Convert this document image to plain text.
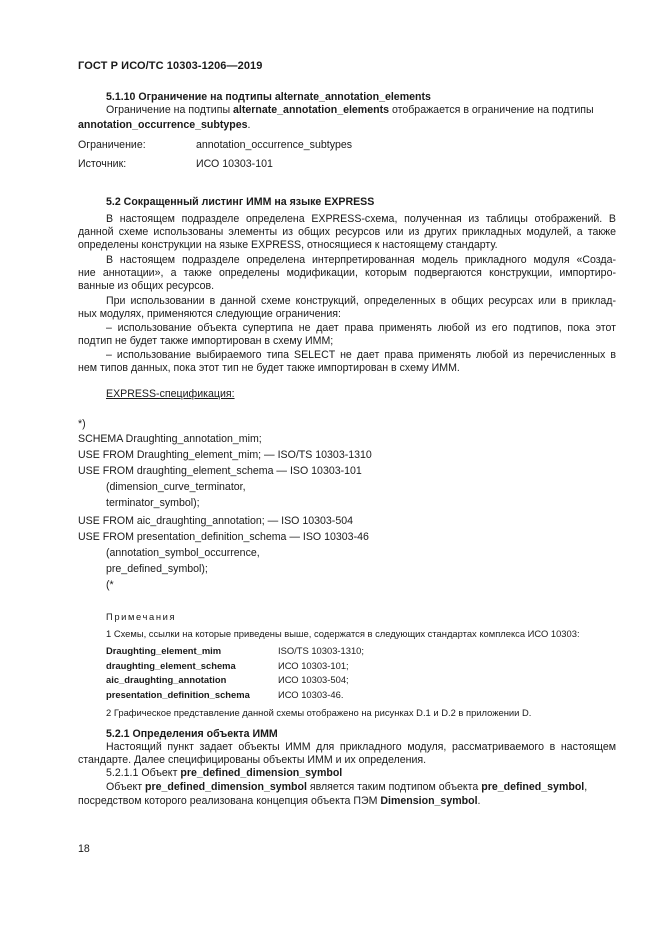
ГОСТ Р ИСО/ТС 10303-1206—2019
5.1.10 Ограничение на подтипы alternate_annotation_elements
Ограничение на подтипы alternate_annotation_elements отображается в ограничение на подтипы
annotation_occurrence_subtypes.
Ограничение:	annotation_occurrence_subtypes
Источник:	ИСО 10303-101
5.2 Сокращенный листинг ИММ на языке EXPRESS
В настоящем подразделе определена EXPRESS-схема, полученная из таблицы отображений. В
данной схеме использованы элементы из общих ресурсов или из других прикладных модулей, а также
определены конструкции на языке EXPRESS, относящиеся к настоящему стандарту.
В настоящем подразделе определена интерпретированная модель прикладного модуля «Созда-
ние аннотации», а также определены модификации, которым подвергаются конструкции, импортиро-
ванные из общих ресурсов.
При использовании в данной схеме конструкций, определенных в общих ресурсах или в приклад-
ных модулях, применяются следующие ограничения:
– использование объекта супертипа не дает права применять любой из его подтипов, пока этот
подтип не будет также импортирован в схему ИММ;
– использование выбираемого типа SELECT не дает права применять любой из перечисленных в
нем типов данных, пока этот тип не будет также импортирован в схему ИММ.
EXPRESS-спецификация:
*)
SCHEMA Draughting_annotation_mim;
USE FROM Draughting_element_mim; — ISO/TS 10303-1310
USE FROM draughting_element_schema — ISO 10303-101
(dimension_curve_terminator,
terminator_symbol);
USE FROM aic_draughting_annotation; — ISO 10303-504
USE FROM presentation_definition_schema — ISO 10303-46
(annotation_symbol_occurrence,
pre_defined_symbol);
(*
Примечания
1 Схемы, ссылки на которые приведены выше, содержатся в следующих стандартах комплекса ИСО 10303:
Draughting_element_mim	ISO/TS 10303-1310;
draughting_element_schema	ИСО 10303-101;
aic_draughting_annotation	ИСО 10303-504;
presentation_definition_schema	ИСО 10303-46.
2 Графическое представление данной схемы отображено на рисунках D.1 и D.2 в приложении D.
5.2.1 Определения объекта ИММ
Настоящий пункт задает объекты ИММ для прикладного модуля, рассматриваемого в настоящем
стандарте. Далее специфицированы объекты ИММ и их определения.
5.2.1.1 Объект pre_defined_dimension_symbol
Объект pre_defined_dimension_symbol является таким подтипом объекта pre_defined_symbol,
посредством которого реализована концепция объекта ПЭМ Dimension_symbol.
18
